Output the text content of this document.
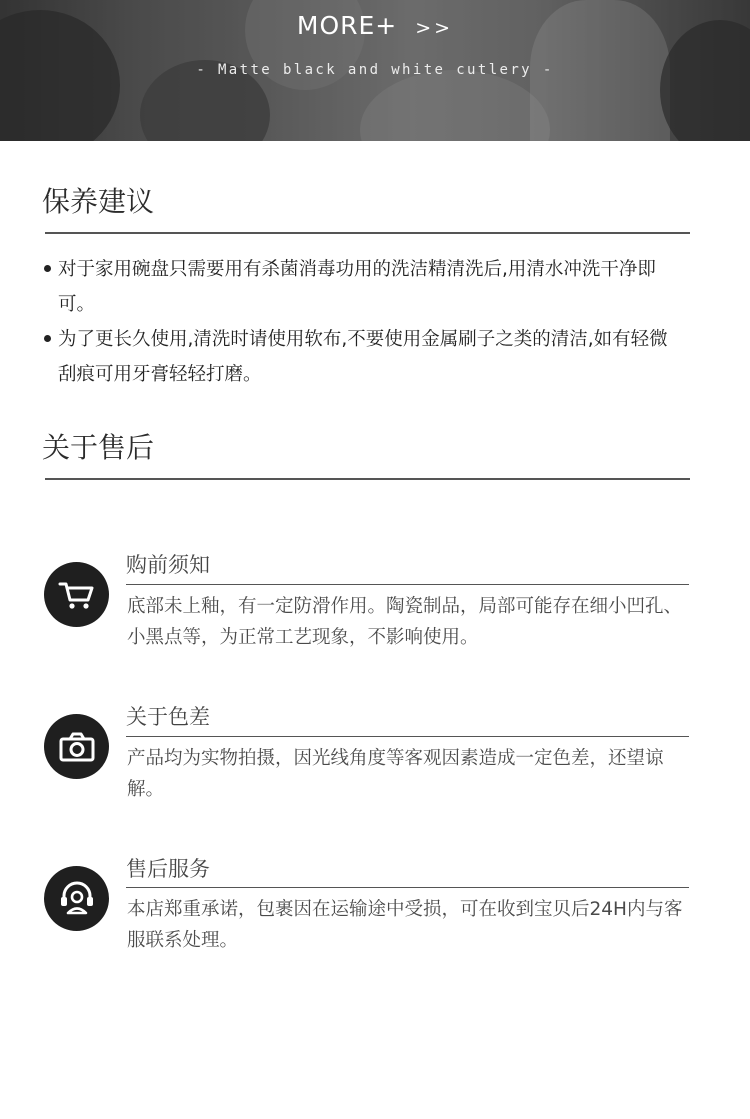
MORE+ >>
- Matte black and white cutlery -
保养建议
对于家用碗盘只需要用有杀菌消毒功用的洗洁精清洗后,用清水冲洗干净即可。
为了更长久使用,清洗时请使用软布,不要使用金属刷子之类的清洁,如有轻微刮痕可用牙膏轻轻打磨。
关于售后
购前须知
底部未上釉，有一定防滑作用。陶瓷制品，局部可能存在细小凹孔、小黑点等，为正常工艺现象，不影响使用。
关于色差
产品均为实物拍摄，因光线角度等客观因素造成一定色差，还望谅解。
售后服务
本店郑重承诺，包裹因在运输途中受损，可在收到宝贝后24H内与客服联系处理。
